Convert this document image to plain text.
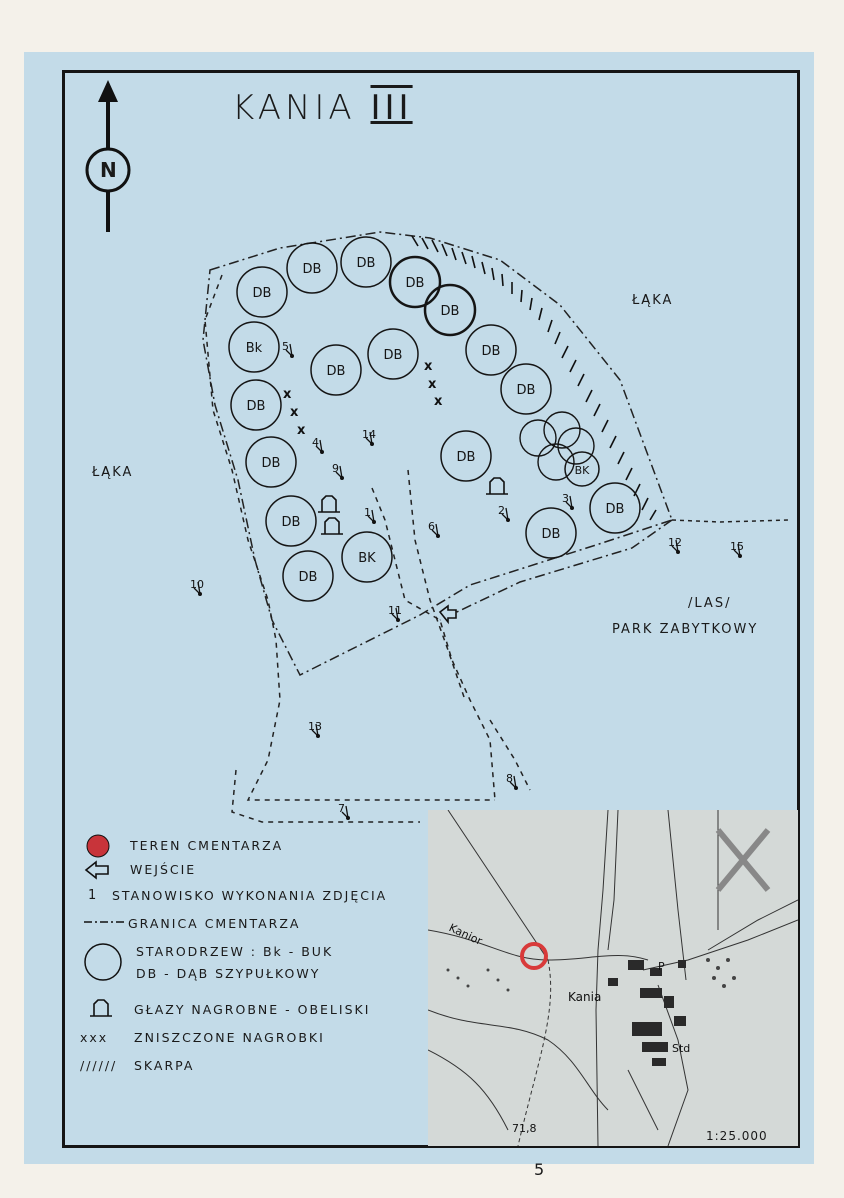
x
x
x
x
x
x
DB
DB	DB
DB
DB
Bk
DB
DB
DB
DB	DB
DB
DB
BK
DB
DB
DB
DB
BK
1	2
3
4
5
6
7
8
9
10
11
12
13
14
15
KANIA III
N
ŁĄKA
ŁĄKA
/LAS/
PARK ZABYTKOWY
TEREN CMENTARZA
WEJŚCIE
1 STANOWISKO WYKONANIA ZDJĘCIA
GRANICA CMENTARZA
STARODRZEW : Bk - BUK
DB - DĄB SZYPUŁKOWY
GŁAZY NAGROBNE - OBELISKI
xxx ZNISZCZONE NAGROBKI
////// SKARPA
Kania
Kanior
Std
71,8
P
1:25.000
5
